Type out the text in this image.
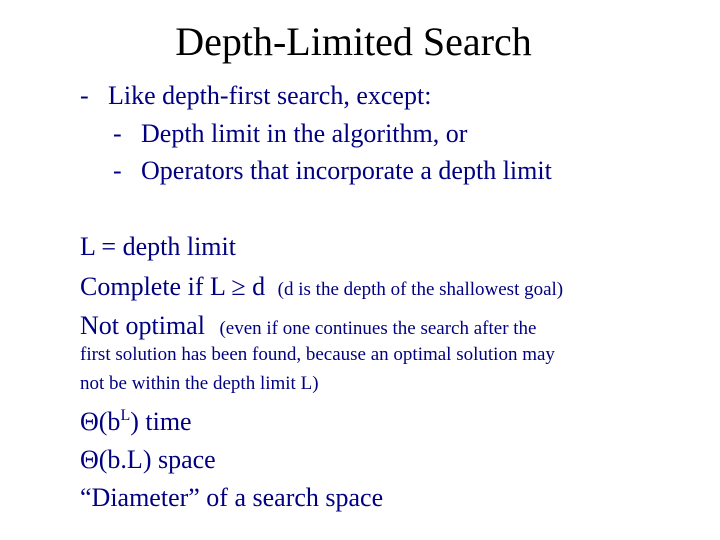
Depth-Limited Search
- Like depth-first search, except:
- Depth limit in the algorithm, or
- Operators that incorporate a depth limit
L = depth limit
Complete if L ≥ d (d is the depth of the shallowest goal)
Not optimal (even if one continues the search after the
first solution has been found, because an optimal solution may
not be within the depth limit L)
$\Theta(b^L)$ time
Θ(b.L) space
“Diameter” of a search space
